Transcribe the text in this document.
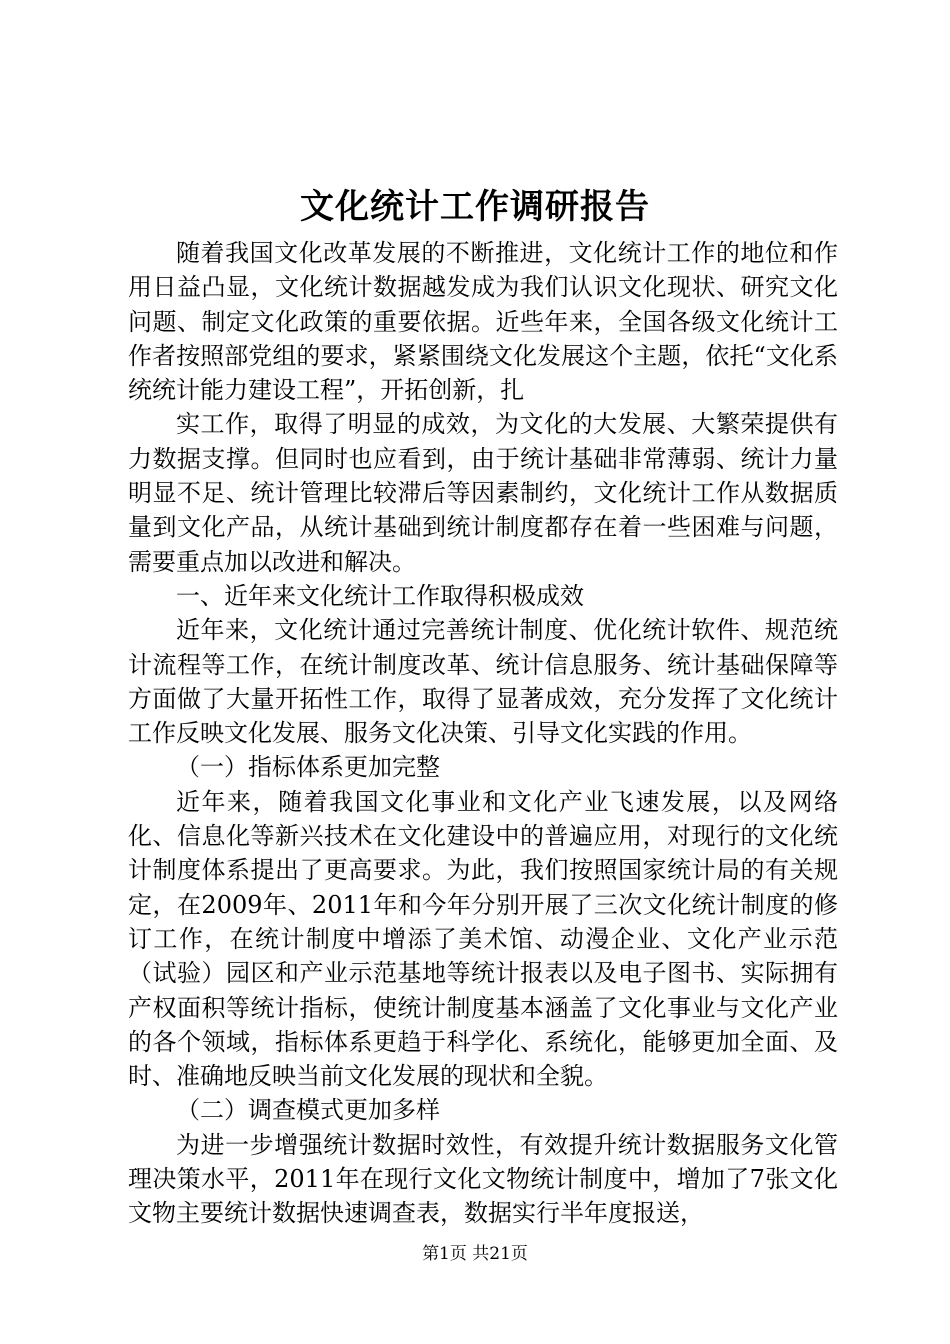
文化统计工作调研报告

随着我国文化改革发展的不断推进，文化统计工作的地位和作用日益凸显，文化统计数据越发成为我们认识文化现状、研究文化问题、制定文化政策的重要依据。近些年来，全国各级文化统计工作者按照部党组的要求，紧紧围绕文化发展这个主题，依托“文化系统统计能力建设工程”，开拓创新，扎

实工作，取得了明显的成效，为文化的大发展、大繁荣提供有力数据支撑。但同时也应看到，由于统计基础非常薄弱、统计力量明显不足、统计管理比较滞后等因素制约，文化统计工作从数据质量到文化产品，从统计基础到统计制度都存在着一些困难与问题，需要重点加以改进和解决。

一、近年来文化统计工作取得积极成效

近年来，文化统计通过完善统计制度、优化统计软件、规范统计流程等工作，在统计制度改革、统计信息服务、统计基础保障等方面做了大量开拓性工作，取得了显著成效，充分发挥了文化统计工作反映文化发展、服务文化决策、引导文化实践的作用。

（一）指标体系更加完整

近年来，随着我国文化事业和文化产业飞速发展，以及网络化、信息化等新兴技术在文化建设中的普遍应用，对现行的文化统计制度体系提出了更高要求。为此，我们按照国家统计局的有关规定，在2009年、2011年和今年分别开展了三次文化统计制度的修订工作，在统计制度中增添了美术馆、动漫企业、文化产业示范（试验）园区和产业示范基地等统计报表以及电子图书、实际拥有产权面积等统计指标，使统计制度基本涵盖了文化事业与文化产业的各个领域，指标体系更趋于科学化、系统化，能够更加全面、及时、准确地反映当前文化发展的现状和全貌。

（二）调查模式更加多样

为进一步增强统计数据时效性，有效提升统计数据服务文化管理决策水平，2011年在现行文化文物统计制度中，增加了7张文化文物主要统计数据快速调查表，数据实行半年度报送，

第1页 共21页
